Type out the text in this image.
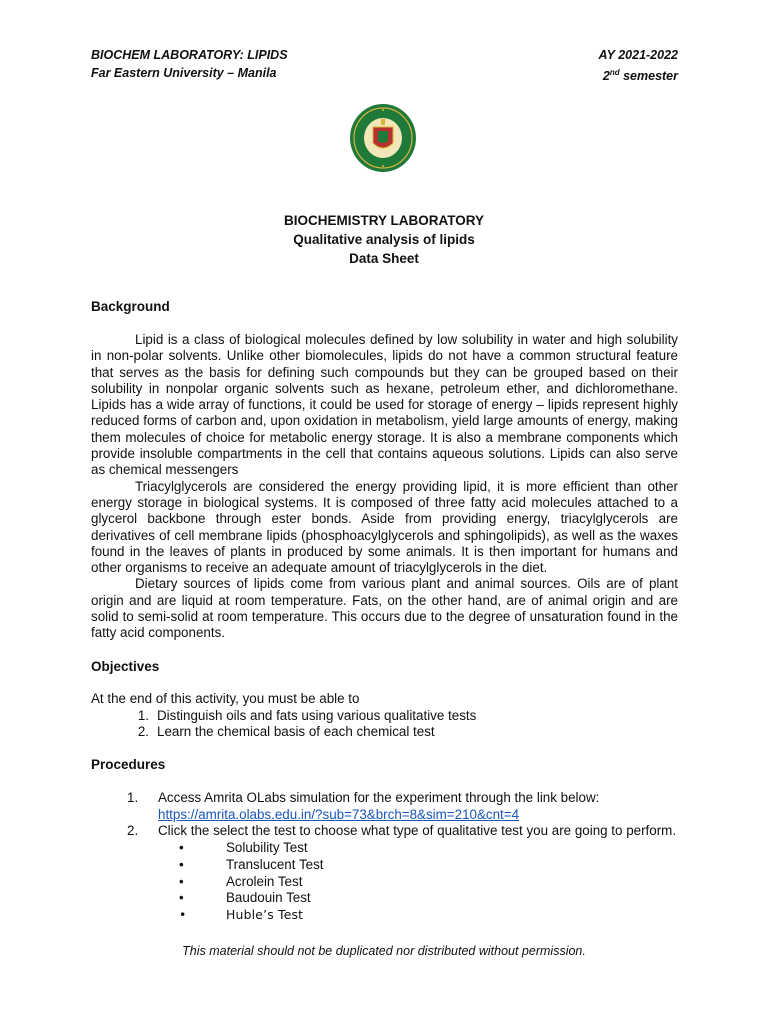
BIOCHEM LABORATORY: LIPIDS
Far Eastern University – Manila
AY 2021-2022
2nd semester
BIOCHEMISTRY LABORATORY
Qualitative analysis of lipids
Data Sheet
Background

Lipid is a class of biological molecules defined by low solubility in water and high solubility in non-polar solvents. Unlike other biomolecules, lipids do not have a common structural feature that serves as the basis for defining such compounds but they can be grouped based on their solubility in nonpolar organic solvents such as hexane, petroleum ether, and dichloromethane. Lipids has a wide array of functions, it could be used for storage of energy – lipids represent highly reduced forms of carbon and, upon oxidation in metabolism, yield large amounts of energy, making them molecules of choice for metabolic energy storage. It is also a membrane components which provide insoluble compartments in the cell that contains aqueous solutions. Lipids can also serve as chemical messengers

Triacylglycerols are considered the energy providing lipid, it is more efficient than other energy storage in biological systems. It is composed of three fatty acid molecules attached to a glycerol backbone through ester bonds. Aside from providing energy, triacylglycerols are derivatives of cell membrane lipids (phosphoacylglycerols and sphingolipids), as well as the waxes found in the leaves of plants in produced by some animals. It is then important for humans and other organisms to receive an adequate amount of triacylglycerols in the diet.

Dietary sources of lipids come from various plant and animal sources. Oils are of plant origin and are liquid at room temperature. Fats, on the other hand, are of animal origin and are solid to semi-solid at room temperature. This occurs due to the degree of unsaturation found in the fatty acid components.

Objectives
At the end of this activity, you must be able to
1. Distinguish oils and fats using various qualitative tests
2. Learn the chemical basis of each chemical test
Procedures
1. Access Amrita OLabs simulation for the experiment through the link below:
https://amrita.olabs.edu.in/?sub=73&brch=8&sim=210&cnt=4
2. Click the select the test to choose what type of qualitative test you are going to perform.
•	Solubility Test
•	Translucent Test
•	Acrolein Test
•	Baudouin Test
•	Huble’s Test
This material should not be duplicated nor distributed without permission.
